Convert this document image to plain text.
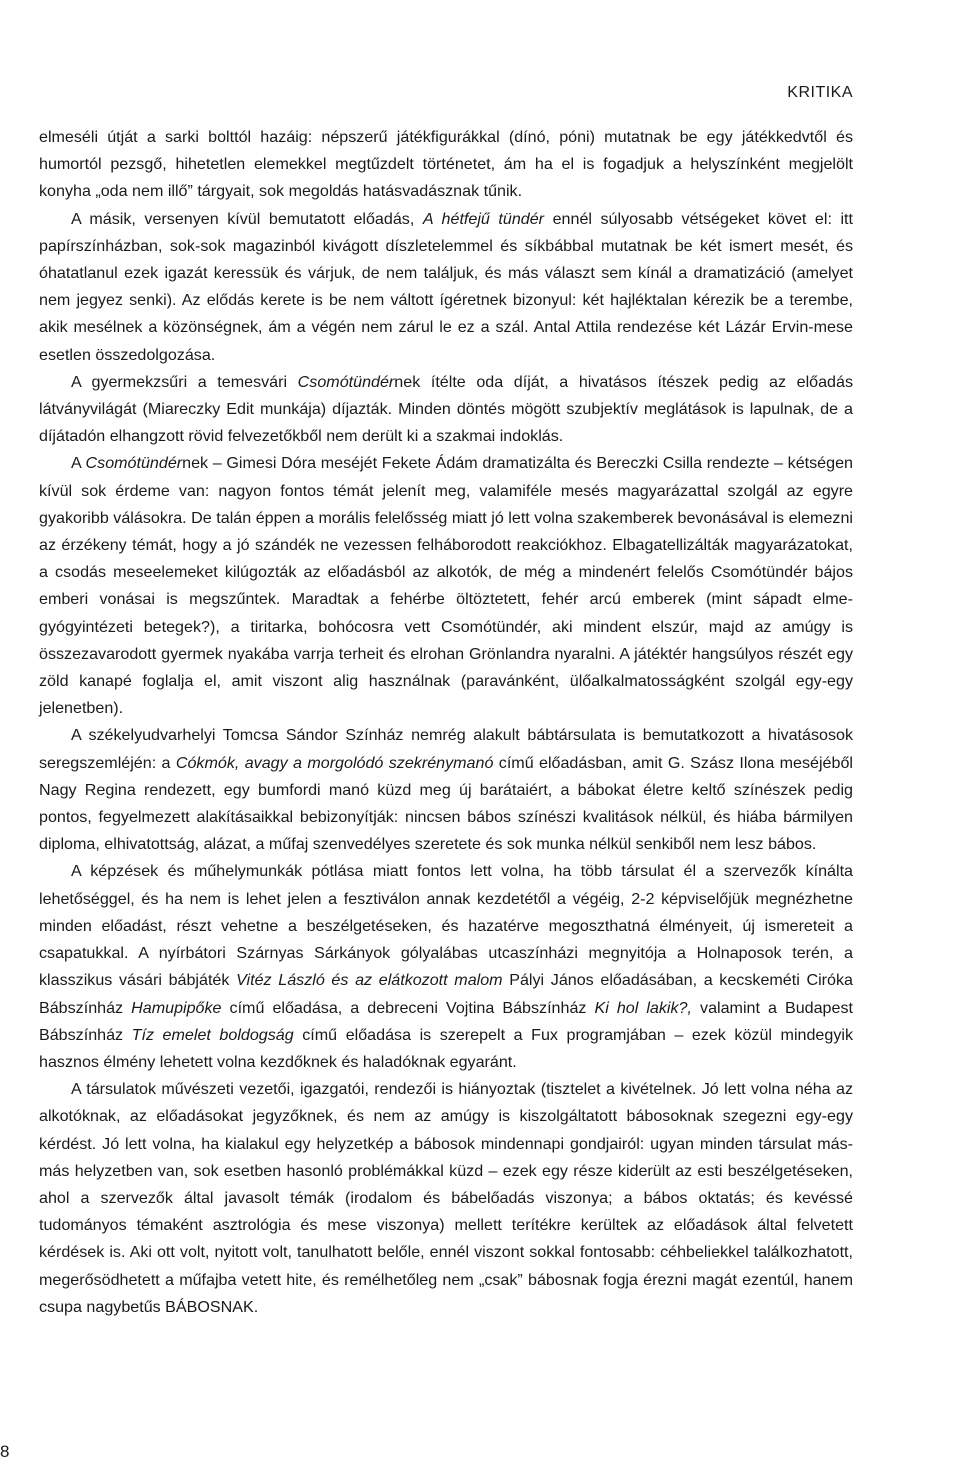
KRITIKA

elmeséli útját a sarki bolttól hazáig: népszerű játékfigurákkal (dínó, póni) mutatnak be egy játékkedvtől és humortól pezsgő, hihetetlen elemekkel megtűzdelt történetet, ám ha el is fogadjuk a helyszínként megjelölt konyha „oda nem illő” tárgyait, sok megoldás hatásvadásznak tűnik.

A másik, versenyen kívül bemutatott előadás, A hétfejű tündér ennél súlyosabb vétségeket követ el: itt papírszínházban, sok-sok magazinból kivágott díszletelemmel és síkbábbal mutatnak be két ismert mesét, és óhatatlanul ezek igazát keressük és várjuk, de nem találjuk, és más választ sem kínál a dramatizáció (amelyet nem jegyez senki). Az elődás kerete is be nem váltott ígéretnek bizonyul: két hajléktalan kérezik be a terembe, akik mesélnek a közönségnek, ám a végén nem zárul le ez a szál. Antal Attila rendezése két Lázár Ervin-mese esetlen összedolgozása.

A gyermekzsűri a temesvári Csomótündérnek ítélte oda díját, a hivatásos ítészek pedig az előadás látványvilágát (Miareczky Edit munkája) díjazták. Minden döntés mögött szubjektív meglátások is lapulnak, de a díjátadón elhangzott rövid felvezetőkből nem derült ki a szakmai indoklás.

A Csomótündérnek – Gimesi Dóra meséjét Fekete Ádám dramatizálta és Bereczki Csilla rendezte – kétségen kívül sok érdeme van: nagyon fontos témát jelenít meg, valamiféle mesés magyarázattal szolgál az egyre gyakoribb válásokra. De talán éppen a morális felelősség miatt jó lett volna szakemberek bevonásával is elemezni az érzékeny témát, hogy a jó szándék ne vezessen felháborodott reakciókhoz. Elbagatellizálták magyarázatokat, a csodás meseelemeket kilúgozták az előadásból az alkotók, de még a mindenért felelős Csomótündér bájos emberi vonásai is megszűntek. Maradtak a fehérbe öltöztetett, fehér arcú emberek (mint sápadt elme-gyógyintézeti betegek?), a tiritarka, bohócosra vett Csomótündér, aki mindent elszúr, majd az amúgy is összezavarodott gyermek nyakába varrja terheit és elrohan Grönlandra nyaralni. A játéktér hangsúlyos részét egy zöld kanapé foglalja el, amit viszont alig használnak (paravánként, ülőalkalmatosságként szolgál egy-egy jelenetben).

A székelyudvarhelyi Tomcsa Sándor Színház nemrég alakult bábtársulata is bemutatkozott a hivatásosok seregszemléjén: a Cókmók, avagy a morgolódó szekrénymanó című előadásban, amit G. Szász Ilona meséjéből Nagy Regina rendezett, egy bumfordi manó küzd meg új barátaiért, a bábokat életre keltő színészek pedig pontos, fegyelmezett alakításaikkal bebizonyítják: nincsen bábos színészi kvalitások nélkül, és hiába bármilyen diploma, elhivatottság, alázat, a műfaj szenvedélyes szeretete és sok munka nélkül senkiből nem lesz bábos.

A képzések és műhelymunkák pótlása miatt fontos lett volna, ha több társulat él a szervezők kínálta lehetőséggel, és ha nem is lehet jelen a fesztiválon annak kezdetétől a végéig, 2-2 képviselőjük megnézhetne minden előadást, részt vehetne a beszélgetéseken, és hazatérve megoszthatná élményeit, új ismereteit a csapatukkal. A nyírbátori Szárnyas Sárkányok gólyalábas utcaszínházi megnyitója a Holnaposok terén, a klasszikus vásári bábjáték Vitéz László és az elátkozott malom Pályi János előadásában, a kecskeméti Ciróka Bábszínház Hamupipőke című előadása, a debreceni Vojtina Bábszínház Ki hol lakik?, valamint a Budapest Bábszínház Tíz emelet boldogság című előadása is szerepelt a Fux programjában – ezek közül mindegyik hasznos élmény lehetett volna kezdőknek és haladóknak egyaránt.

A társulatok művészeti vezetői, igazgatói, rendezői is hiányoztak (tisztelet a kivételnek. Jó lett volna néha az alkotóknak, az előadásokat jegyzőknek, és nem az amúgy is kiszolgáltatott bábosoknak szegezni egy-egy kérdést. Jó lett volna, ha kialakul egy helyzetkép a bábosok mindennapi gondjairól: ugyan minden társulat más-más helyzetben van, sok esetben hasonló problémákkal küzd – ezek egy része kiderült az esti beszélgetéseken, ahol a szervezők által javasolt témák (irodalom és bábelőadás viszonya; a bábos oktatás; és kevéssé tudományos témaként asztrológia és mese viszonya) mellett terítékre kerültek az előadások által felvetett kérdések is. Aki ott volt, nyitott volt, tanulhatott belőle, ennél viszont sokkal fontosabb: céhbeliekkel találkozhatott, megerősödhetett a műfajba vetett hite, és remélhetőleg nem „csak” bábosnak fogja érezni magát ezentúl, hanem csupa nagybetűs BÁBOSNAK.

8
